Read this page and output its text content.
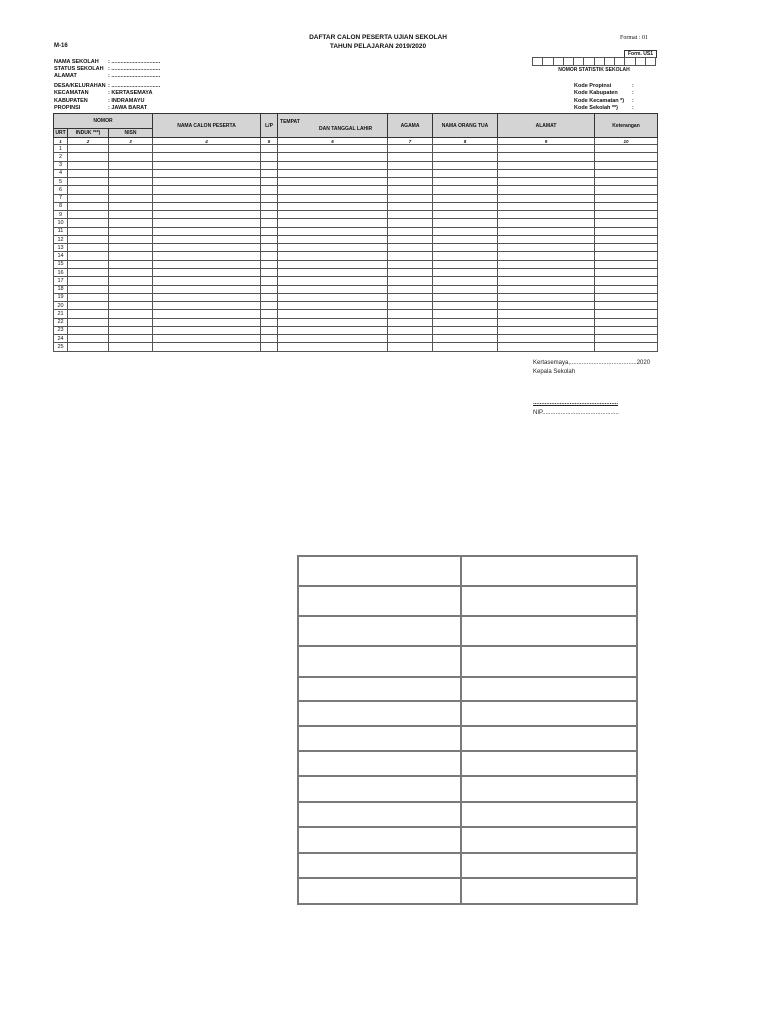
Format : 01
DAFTAR CALON PESERTA UJIAN SEKOLAH
TAHUN PELAJARAN 2019/2020
M-16
Form. US1
NOMOR STATISTIK SEKOLAH
NAMA SEKOLAH : ................................
STATUS SEKOLAH : ................................
ALAMAT	: ................................
DESA/KELURAHAN : ................................
KECAMATAN	: KERTASEMAYA
KABUPATEN	: INDRAMAYU
PROPINSI	: JAWA BARAT
Kode Propinsi	:
Kode Kabupaten	:
Kode Kecamatan *) :
Kode Sekolah **)	:
NOMOR			NAMA CALON PESERTA	L/P	TEMPAT
DAN TANGGAL LAHIR	AGAMA	NAMA ORANG TUA	ALAMAT	Keterangan
URT	INDUK ***)	NISN							
1	2	3	4	5	6	7	8	9	10
1									
2									
3									
4									
5									
6									
7									
8									
9									
10									
11									
12									
13									
14									
15									
16									
17									
18									
19									
20									
21									
22									
23									
24									
25									
Kertasemaya,........................................2020
Kepala Sekolah
...................................................
NIP..............................................
